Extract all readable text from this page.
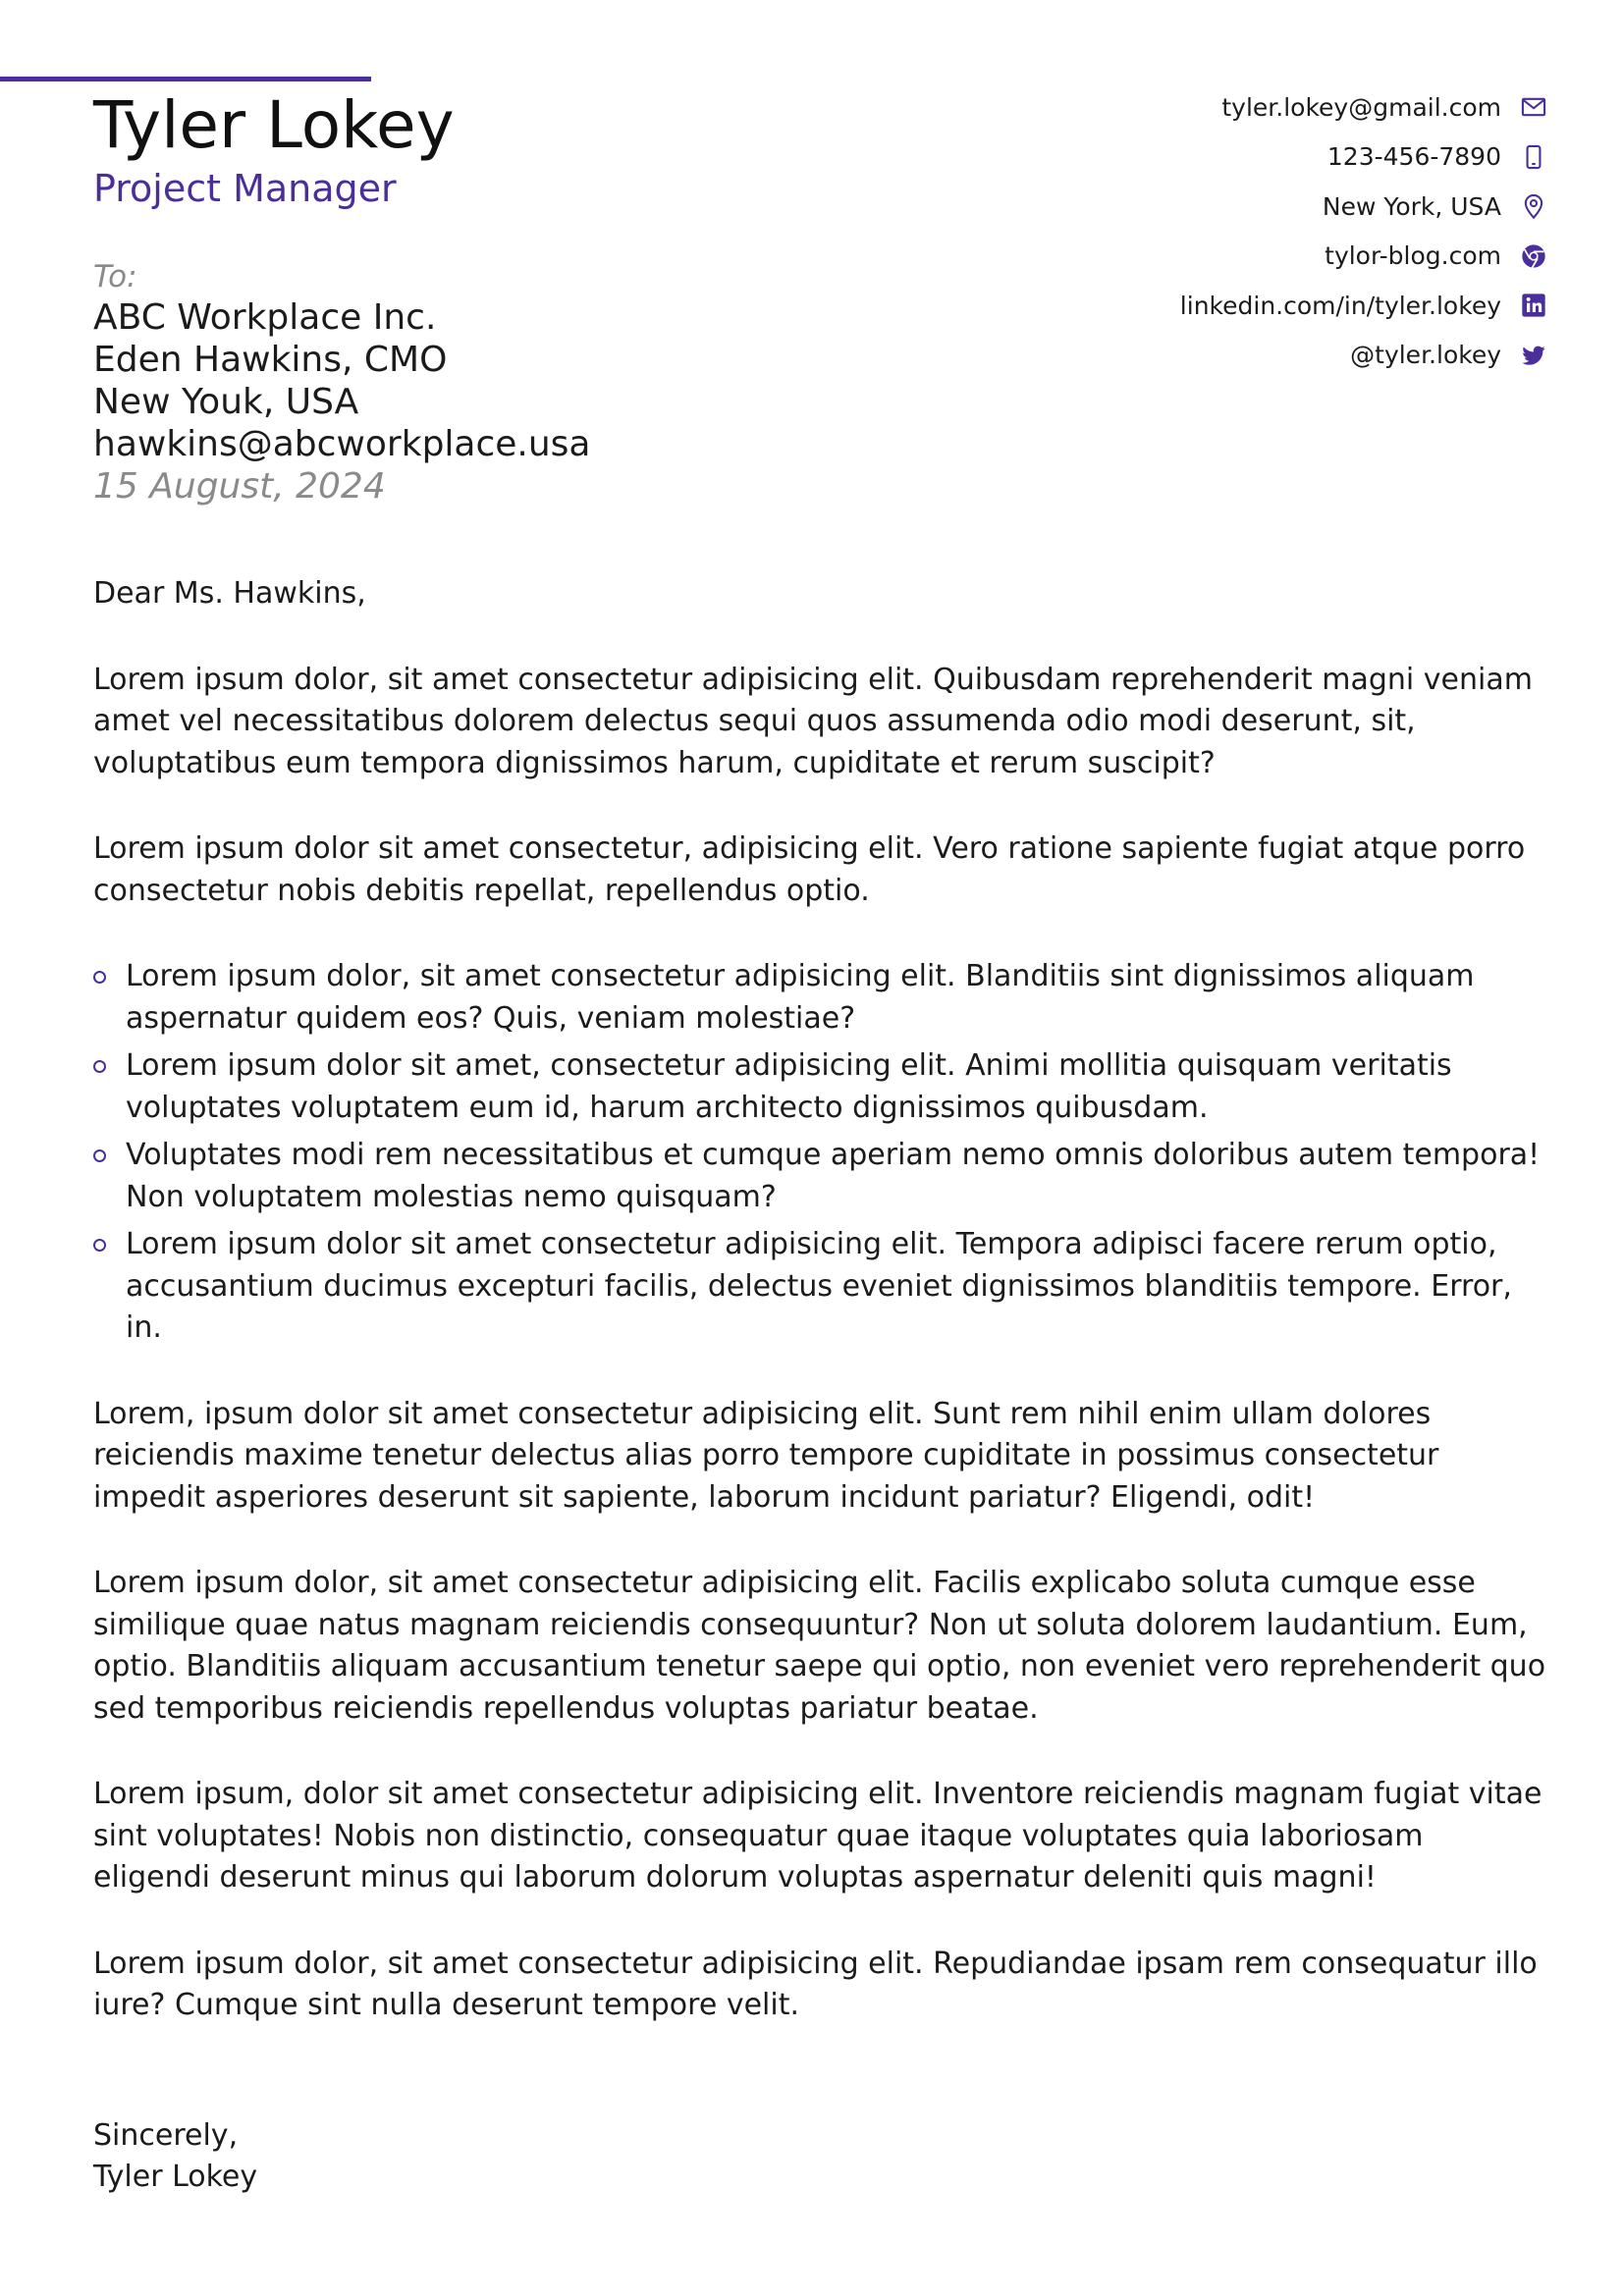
Tyler Lokey
Project Manager
tyler.lokey@gmail.com
123-456-7890
New York, USA
tylor-blog.com
linkedin.com/in/tyler.lokey
@tyler.lokey
To:
ABC Workplace Inc.
Eden Hawkins, CMO
New Youk, USA
hawkins@abcworkplace.usa
15 August, 2024

Dear Ms. Hawkins,

Lorem ipsum dolor, sit amet consectetur adipisicing elit. Quibusdam reprehenderit magni veniam amet vel necessitatibus dolorem delectus sequi quos assumenda odio modi deserunt, sit, voluptatibus eum tempora dignissimos harum, cupiditate et rerum suscipit?

Lorem ipsum dolor sit amet consectetur, adipisicing elit. Vero ratione sapiente fugiat atque porro consectetur nobis debitis repellat, repellendus optio.

Lorem ipsum dolor, sit amet consectetur adipisicing elit. Blanditiis sint dignissimos aliquam aspernatur quidem eos? Quis, veniam molestiae?
Lorem ipsum dolor sit amet, consectetur adipisicing elit. Animi mollitia quisquam veritatis voluptates voluptatem eum id, harum architecto dignissimos quibusdam.
Voluptates modi rem necessitatibus et cumque aperiam nemo omnis doloribus autem tempora! Non voluptatem molestias nemo quisquam?
Lorem ipsum dolor sit amet consectetur adipisicing elit. Tempora adipisci facere rerum optio, accusantium ducimus excepturi facilis, delectus eveniet dignissimos blanditiis tempore. Error, in.

Lorem, ipsum dolor sit amet consectetur adipisicing elit. Sunt rem nihil enim ullam dolores reiciendis maxime tenetur delectus alias porro tempore cupiditate in possimus consectetur impedit asperiores deserunt sit sapiente, laborum incidunt pariatur? Eligendi, odit!

Lorem ipsum dolor, sit amet consectetur adipisicing elit. Facilis explicabo soluta cumque esse similique quae natus magnam reiciendis consequuntur? Non ut soluta dolorem laudantium. Eum, optio. Blanditiis aliquam accusantium tenetur saepe qui optio, non eveniet vero reprehenderit quo sed temporibus reiciendis repellendus voluptas pariatur beatae.

Lorem ipsum, dolor sit amet consectetur adipisicing elit. Inventore reiciendis magnam fugiat vitae sint voluptates! Nobis non distinctio, consequatur quae itaque voluptates quia laboriosam eligendi deserunt minus qui laborum dolorum voluptas aspernatur deleniti quis magni!

Lorem ipsum dolor, sit amet consectetur adipisicing elit. Repudiandae ipsam rem consequatur illo iure? Cumque sint nulla deserunt tempore velit.

Sincerely,
Tyler Lokey
